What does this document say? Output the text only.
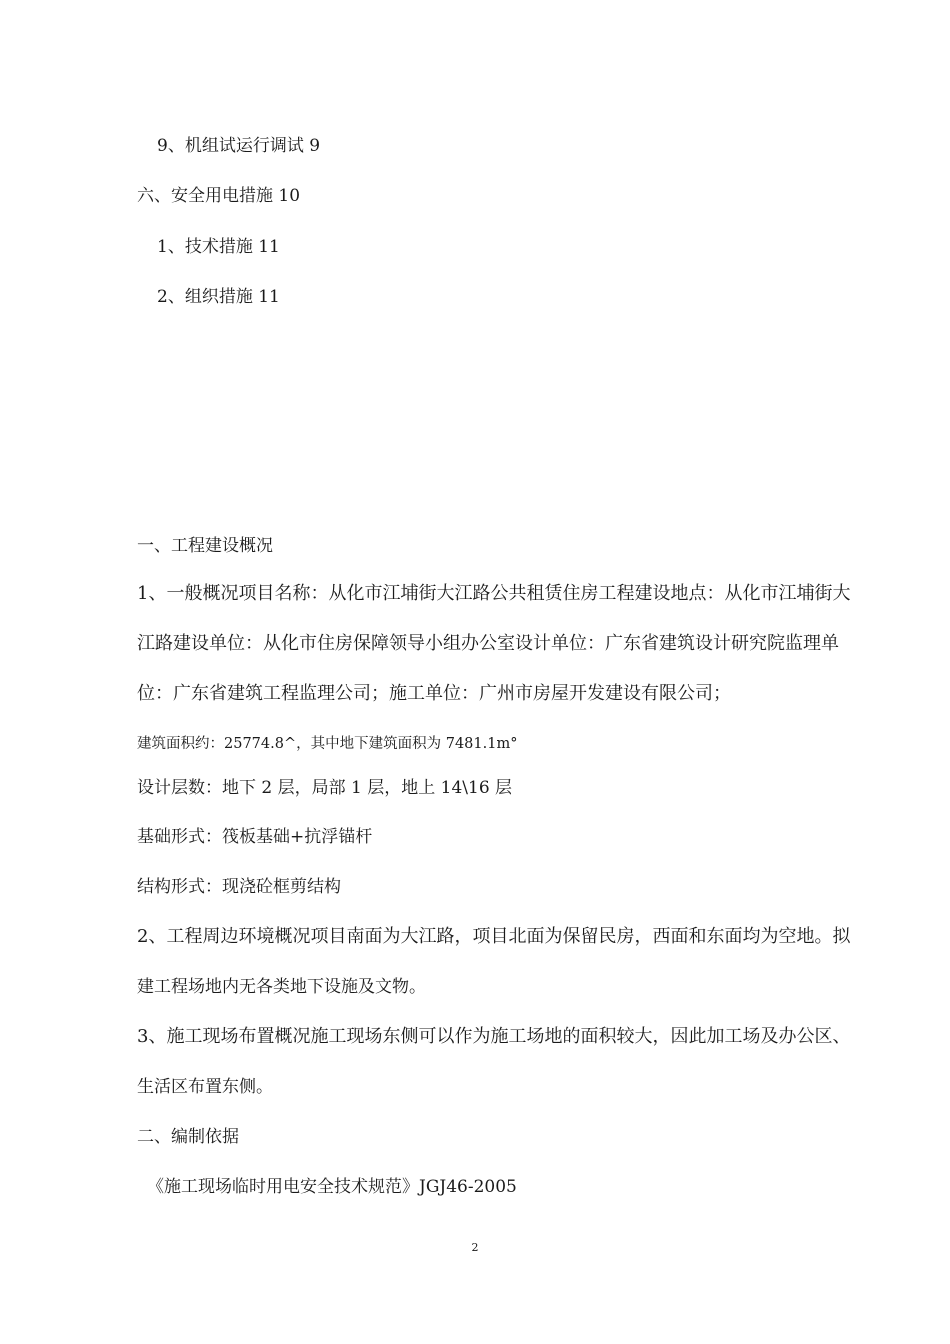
9、机组试运行调试 9
六、安全用电措施 10
1、技术措施 11
2、组织措施 11
一、工程建设概况
1、一般概况项目名称：从化市江埔街大江路公共租赁住房工程建设地点：从化市江埔街大
江路建设单位：从化市住房保障领导小组办公室设计单位：广东省建筑设计研究院监理单
位：广东省建筑工程监理公司；施工单位：广州市房屋开发建设有限公司；
建筑面积约：25774.8^，其中地下建筑面积为 7481.1m°
设计层数：地下 2 层，局部 1 层，地上 14\16 层
基础形式：筏板基础+抗浮锚杆
结构形式：现浇砼框剪结构
2、工程周边环境概况项目南面为大江路，项目北面为保留民房，西面和东面均为空地。拟
建工程场地内无各类地下设施及文物。
3、施工现场布置概况施工现场东侧可以作为施工场地的面积较大，因此加工场及办公区、
生活区布置东侧。
二、编制依据
《施工现场临时用电安全技术规范》JGJ46-2005
2
